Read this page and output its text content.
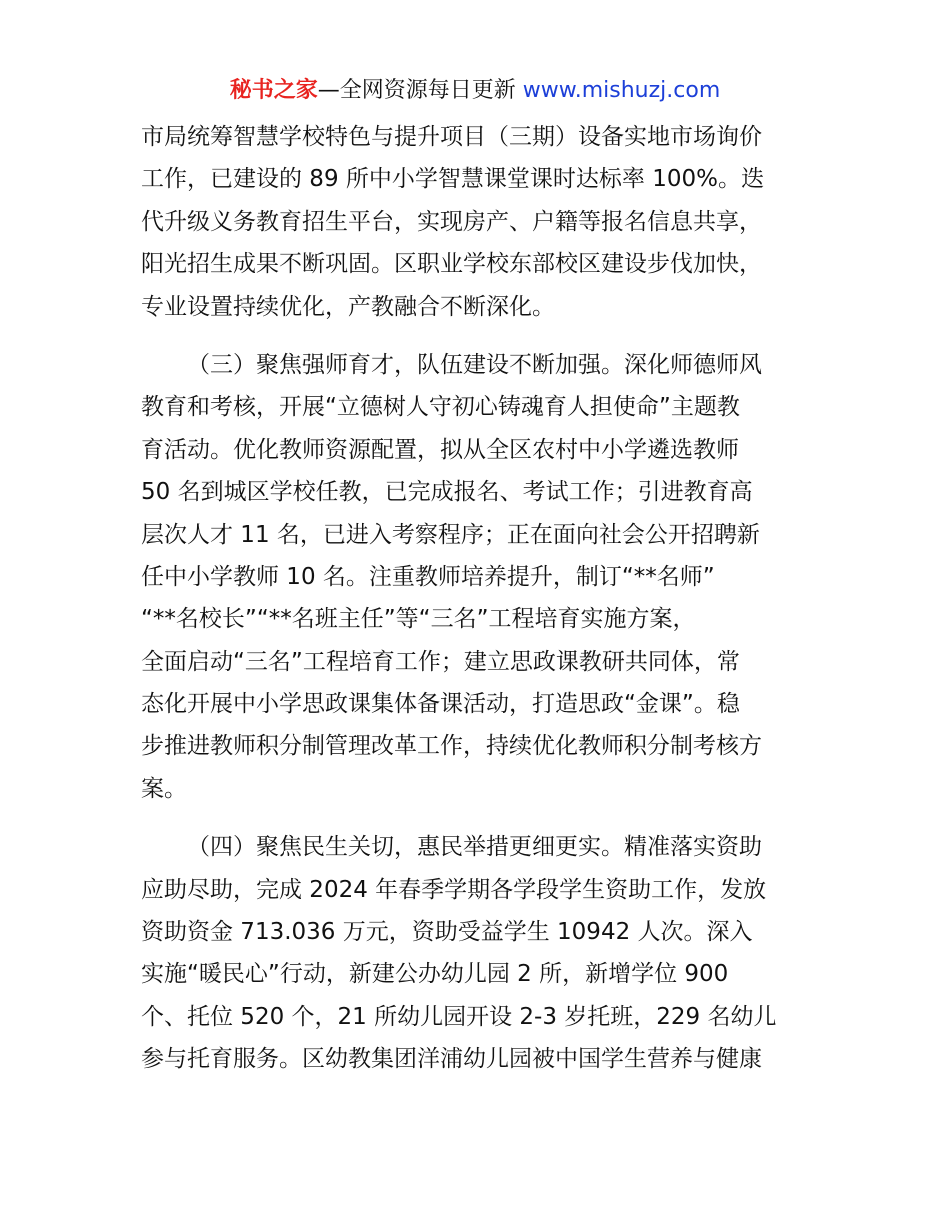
秘书之家—全网资源每日更新 www.mishuzj.com
市局统筹智慧学校特色与提升项目（三期）设备实地市场询价
工作，已建设的 89 所中小学智慧课堂课时达标率 100%。迭
代升级义务教育招生平台，实现房产、户籍等报名信息共享，
阳光招生成果不断巩固。区职业学校东部校区建设步伐加快，
专业设置持续优化，产教融合不断深化。
（三）聚焦强师育才，队伍建设不断加强。深化师德师风
教育和考核，开展“立德树人守初心铸魂育人担使命”主题教
育活动。优化教师资源配置，拟从全区农村中小学遴选教师
50 名到城区学校任教，已完成报名、考试工作；引进教育高
层次人才 11 名，已进入考察程序；正在面向社会公开招聘新
任中小学教师 10 名。注重教师培养提升，制订“**名师”
“**名校长”“**名班主任”等“三名”工程培育实施方案，
全面启动“三名”工程培育工作；建立思政课教研共同体，常
态化开展中小学思政课集体备课活动，打造思政“金课”。稳
步推进教师积分制管理改革工作，持续优化教师积分制考核方
案。
（四）聚焦民生关切，惠民举措更细更实。精准落实资助
应助尽助，完成 2024 年春季学期各学段学生资助工作，发放
资助资金 713.036 万元，资助受益学生 10942 人次。深入
实施“暖民心”行动，新建公办幼儿园 2 所，新增学位 900
个、托位 520 个，21 所幼儿园开设 2-3 岁托班，229 名幼儿
参与托育服务。区幼教集团洋浦幼儿园被中国学生营养与健康
